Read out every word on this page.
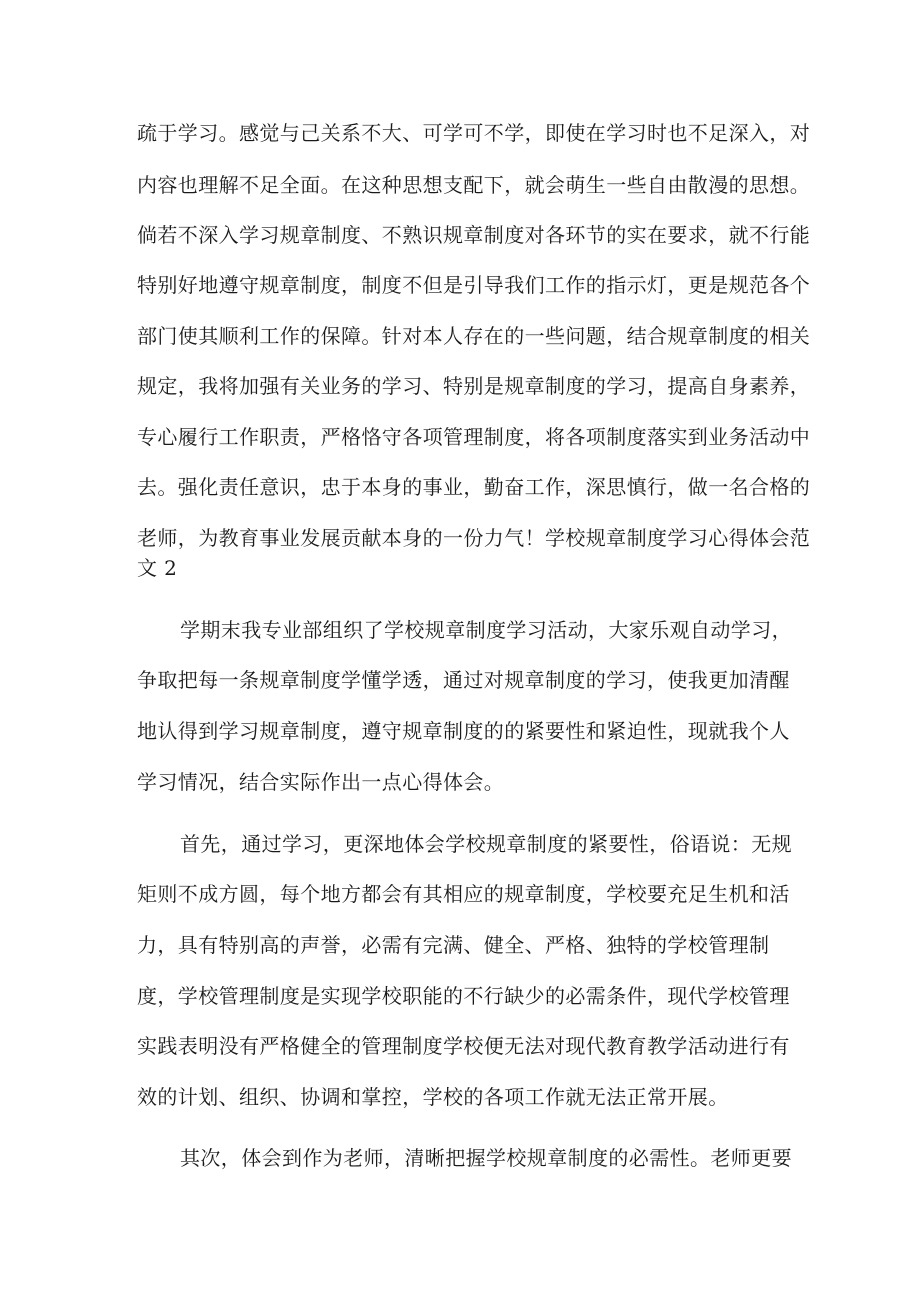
疏于学习。感觉与己关系不大、可学可不学，即使在学习时也不足深入，对
内容也理解不足全面。在这种思想支配下，就会萌生一些自由散漫的思想。
倘若不深入学习规章制度、不熟识规章制度对各环节的实在要求，就不行能
特别好地遵守规章制度，制度不但是引导我们工作的指示灯，更是规范各个
部门使其顺利工作的保障。针对本人存在的一些问题，结合规章制度的相关
规定，我将加强有关业务的学习、特别是规章制度的学习，提高自身素养，
专心履行工作职责，严格恪守各项管理制度，将各项制度落实到业务活动中
去。强化责任意识，忠于本身的事业，勤奋工作，深思慎行，做一名合格的
老师，为教育事业发展贡献本身的一份力气！学校规章制度学习心得体会范
文 2
学期末我专业部组织了学校规章制度学习活动，大家乐观自动学习，
争取把每一条规章制度学懂学透，通过对规章制度的学习，使我更加清醒
地认得到学习规章制度，遵守规章制度的的紧要性和紧迫性，现就我个人
学习情况，结合实际作出一点心得体会。
首先，通过学习，更深地体会学校规章制度的紧要性，俗语说：无规
矩则不成方圆，每个地方都会有其相应的规章制度，学校要充足生机和活
力，具有特别高的声誉，必需有完满、健全、严格、独特的学校管理制
度，学校管理制度是实现学校职能的不行缺少的必需条件，现代学校管理
实践表明没有严格健全的管理制度学校便无法对现代教育教学活动进行有
效的计划、组织、协调和掌控，学校的各项工作就无法正常开展。
其次，体会到作为老师，清晰把握学校规章制度的必需性。老师更要
